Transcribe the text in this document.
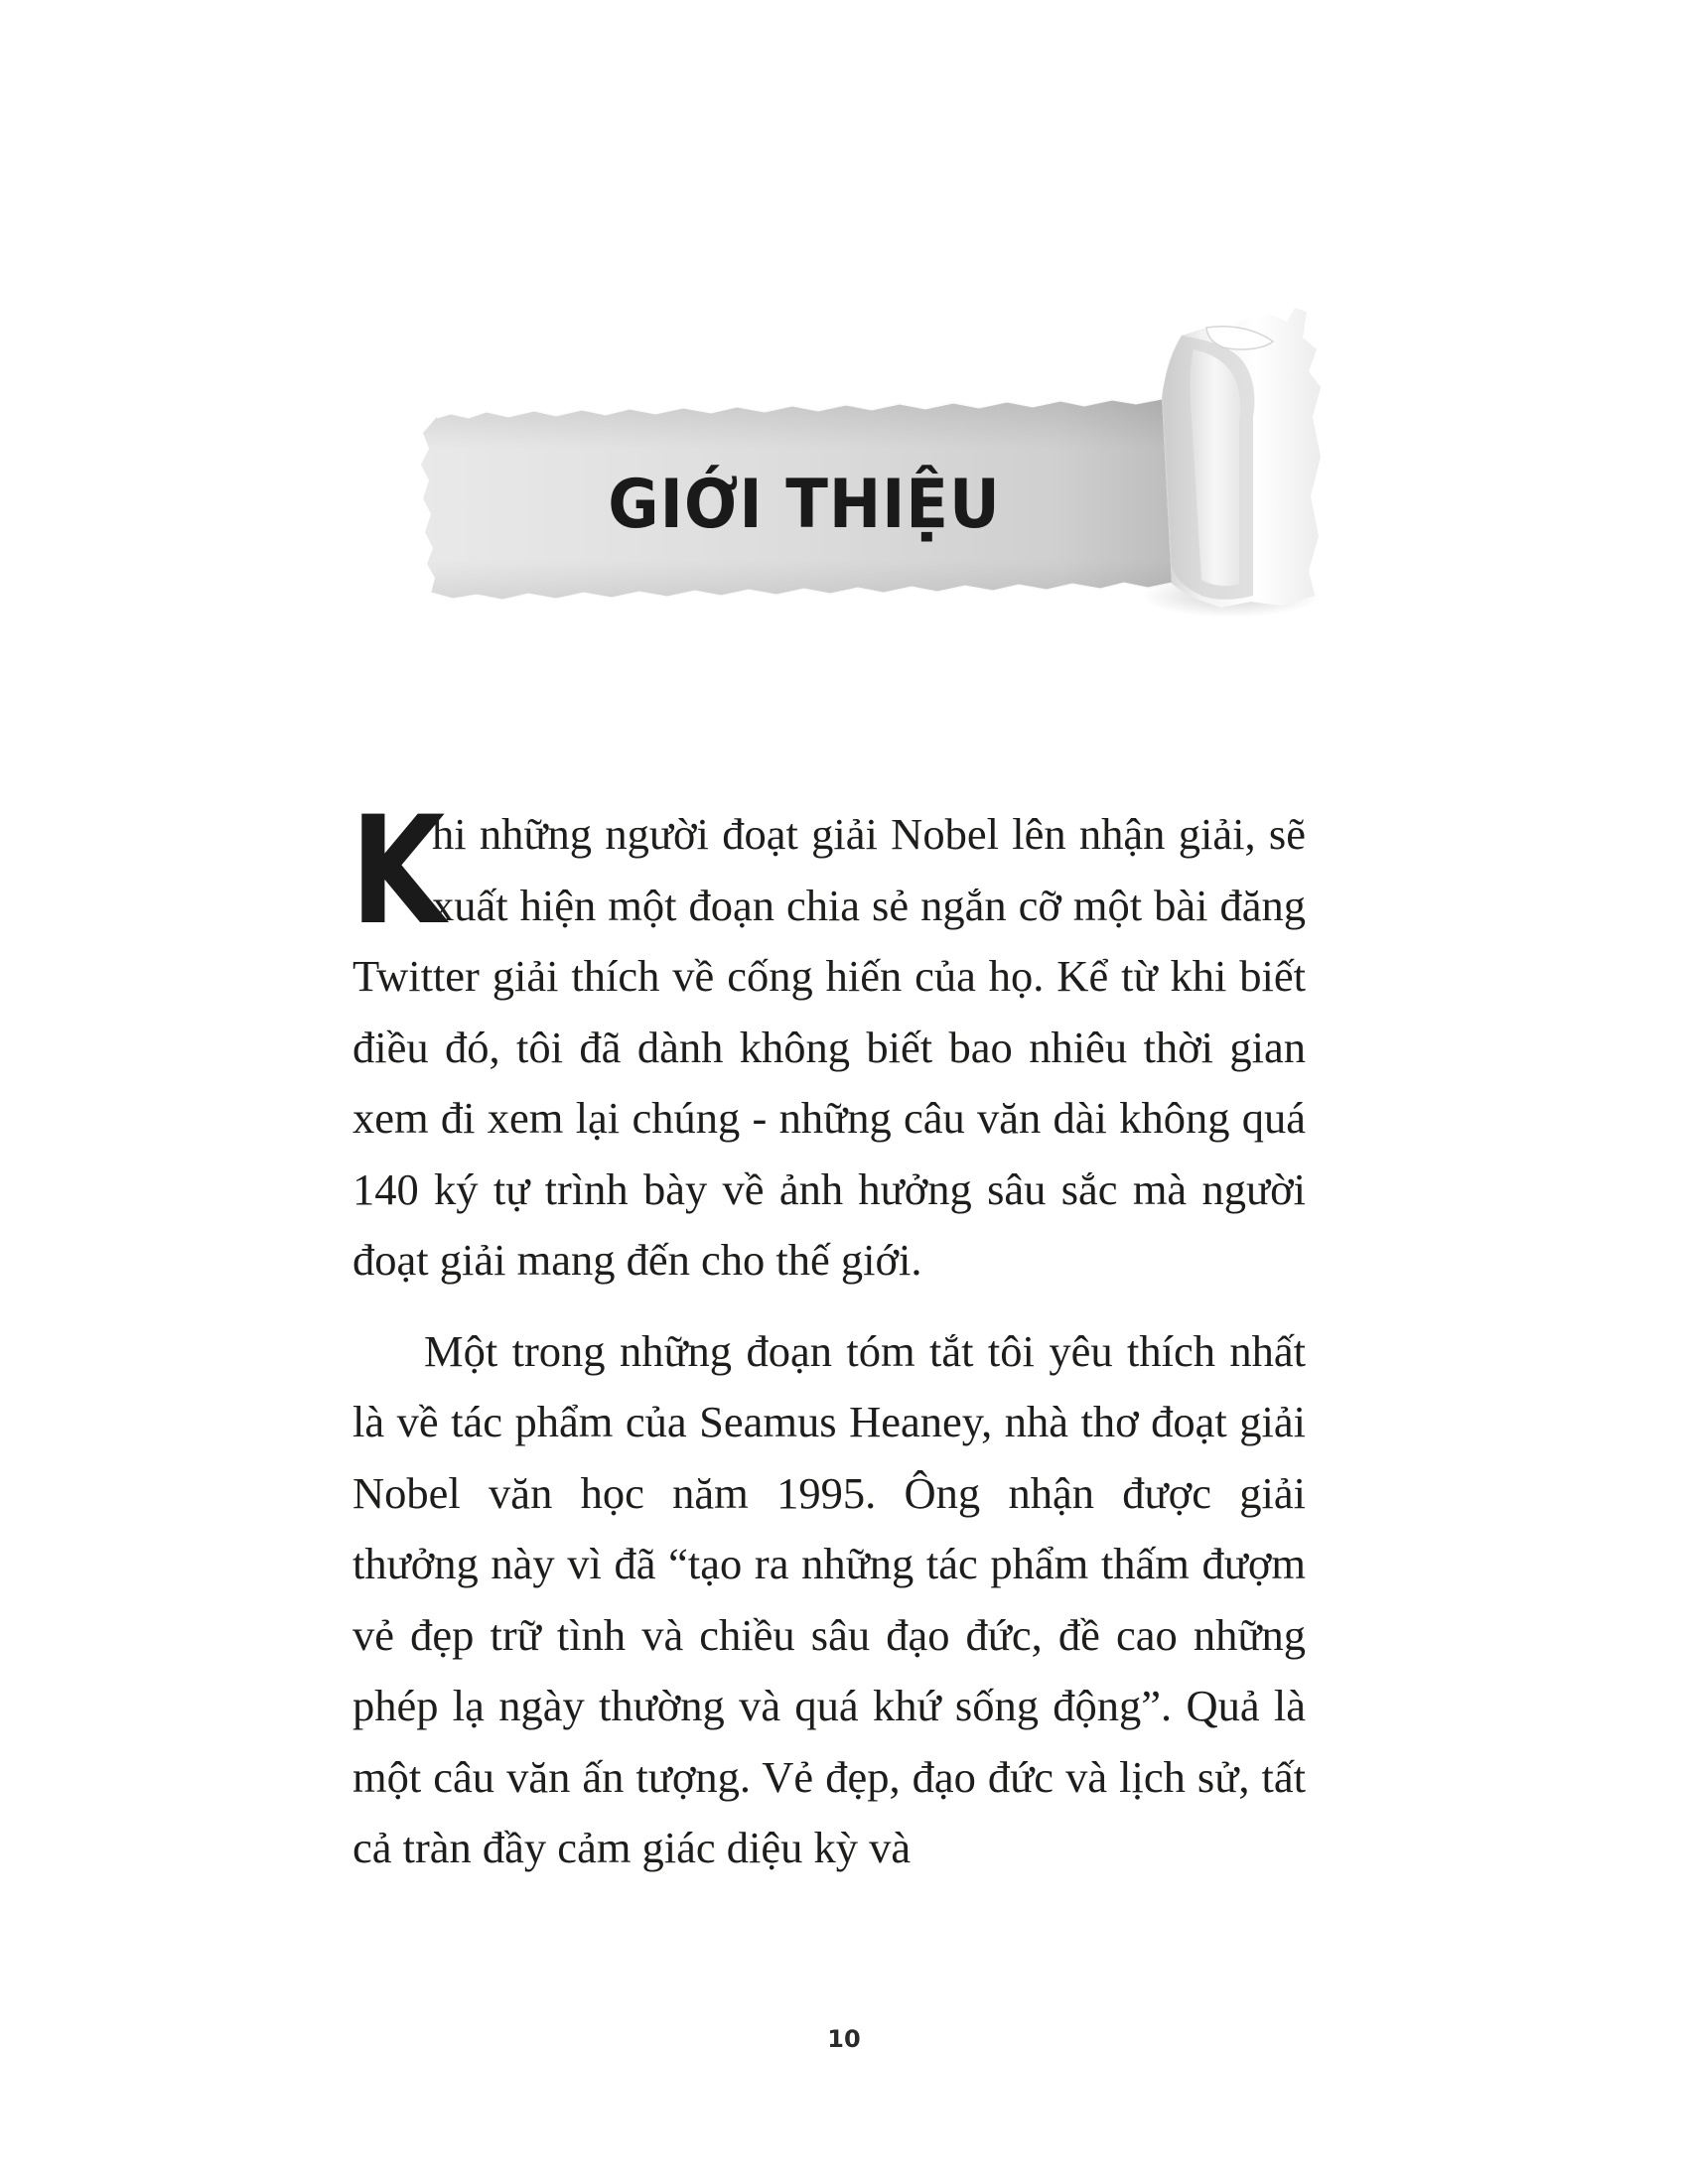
GIỚI THIỆU

K
hi những người đoạt giải Nobel lên nhận giải, sẽ xuất hiện một đoạn chia sẻ ngắn cỡ một bài đăng Twitter giải thích về cống hiến của họ. Kể từ khi biết điều đó, tôi đã dành không biết bao nhiêu thời gian xem đi xem lại chúng - những câu văn dài không quá 140 ký tự trình bày về ảnh hưởng sâu sắc mà người đoạt giải mang đến cho thế giới.

Một trong những đoạn tóm tắt tôi yêu thích nhất là về tác phẩm của Seamus Heaney, nhà thơ đoạt giải Nobel văn học năm 1995. Ông nhận được giải thưởng này vì đã “tạo ra những tác phẩm thấm đượm vẻ đẹp trữ tình và chiều sâu đạo đức, đề cao những phép lạ ngày thường và quá khứ sống động”. Quả là một câu văn ấn tượng. Vẻ đẹp, đạo đức và lịch sử, tất cả tràn đầy cảm giác diệu kỳ và

10
